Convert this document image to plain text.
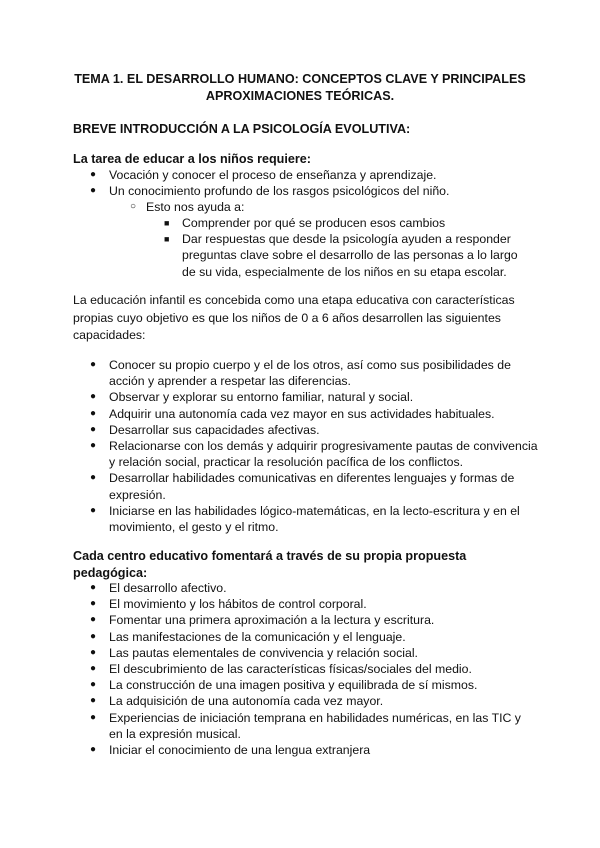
TEMA 1. EL DESARROLLO HUMANO: CONCEPTOS CLAVE Y PRINCIPALES
APROXIMACIONES TEÓRICAS.
BREVE INTRODUCCIÓN A LA PSICOLOGÍA EVOLUTIVA:
La tarea de educar a los niños requiere:
●
Vocación y conocer el proceso de enseñanza y aprendizaje.
●
Un conocimiento profundo de los rasgos psicológicos del niño.
○
Esto nos ayuda a:
■
Comprender por qué se producen esos cambios
■
Dar respuestas que desde la psicología ayuden a responder preguntas clave sobre el desarrollo de las personas a lo largo de su vida, especialmente de los niños en su etapa escolar.
La educación infantil es concebida como una etapa educativa con características propias cuyo objetivo es que los niños de 0 a 6 años desarrollen las siguientes capacidades:
●
Conocer su propio cuerpo y el de los otros, así como sus posibilidades de acción y aprender a respetar las diferencias.
●
Observar y explorar su entorno familiar, natural y social.
●
Adquirir una autonomía cada vez mayor en sus actividades habituales.
●
Desarrollar sus capacidades afectivas.
●
Relacionarse con los demás y adquirir progresivamente pautas de convivencia y relación social, practicar la resolución pacífica de los conflictos.
●
Desarrollar habilidades comunicativas en diferentes lenguajes y formas de expresión.
●
Iniciarse en las habilidades lógico-matemáticas, en la lecto-escritura y en el movimiento, el gesto y el ritmo.
Cada centro educativo fomentará a través de su propia propuesta pedagógica:
●
El desarrollo afectivo.
●
El movimiento y los hábitos de control corporal.
●
Fomentar una primera aproximación a la lectura y escritura.
●
Las manifestaciones de la comunicación y el lenguaje.
●
Las pautas elementales de convivencia y relación social.
●
El descubrimiento de las características físicas/sociales del medio.
●
La construcción de una imagen positiva y equilibrada de sí mismos.
●
La adquisición de una autonomía cada vez mayor.
●
Experiencias de iniciación temprana en habilidades numéricas, en las TIC y en la expresión musical.
●
Iniciar el conocimiento de una lengua extranjera
